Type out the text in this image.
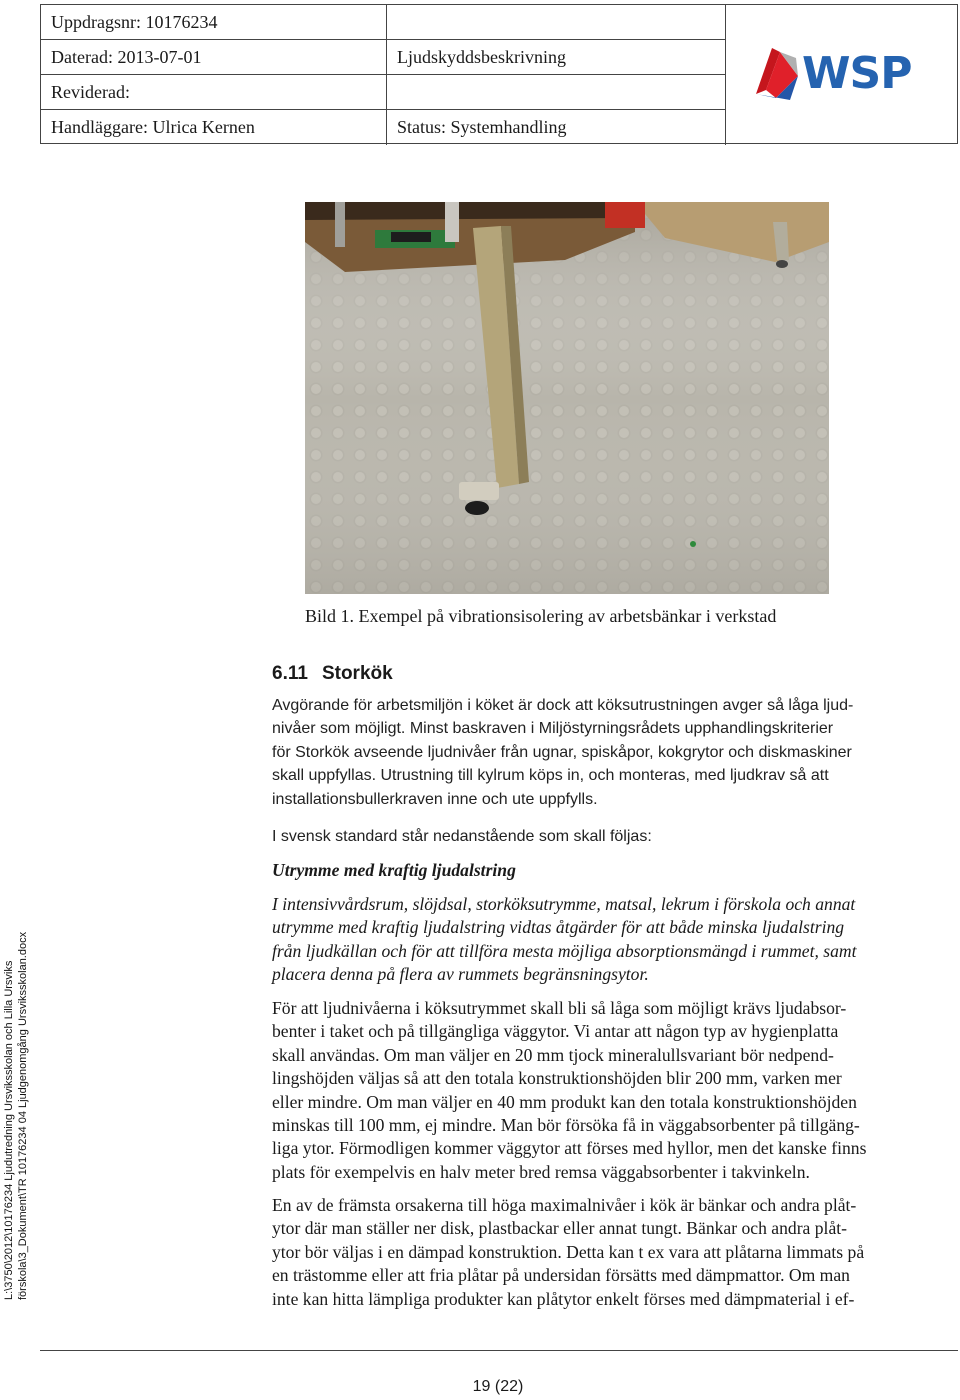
Uppdragsnr: 10176234
WSP
Daterad: 2013-07-01	Ljudskyddsbeskrivning
Reviderad:
Handläggare: Ulrica Kernen	Status: Systemhandling
Bild 1. Exempel på vibrationsisolering av arbetsbänkar i verkstad
6.11 Storkök
Avgörande för arbetsmiljön i köket är dock att köksutrustningen avger så låga ljud-
nivåer som möjligt. Minst baskraven i Miljöstyrningsrådets upphandlingskriterier
för Storkök avseende ljudnivåer från ugnar, spiskåpor, kokgrytor och diskmaskiner
skall uppfyllas. Utrustning till kylrum köps in, och monteras, med ljudkrav så att
installationsbullerkraven inne och ute uppfylls.
I svensk standard står nedanstående som skall följas:
Utrymme med kraftig ljudalstring
I intensivvårdsrum, slöjdsal, storköksutrymme, matsal, lekrum i förskola och annat
utrymme med kraftig ljudalstring vidtas åtgärder för att både minska ljudalstring
från ljudkällan och för att tillföra mesta möjliga absorptionsmängd i rummet, samt
placera denna på flera av rummets begränsningsytor.
För att ljudnivåerna i köksutrymmet skall bli så låga som möjligt krävs ljudabsor-
benter i taket och på tillgängliga väggytor. Vi antar att någon typ av hygienplatta
skall användas. Om man väljer en 20 mm tjock mineralullsvariant bör nedpend-
lingshöjden väljas så att den totala konstruktionshöjden blir 200 mm, varken mer
eller mindre. Om man väljer en 40 mm produkt kan den totala konstruktionshöjden
minskas till 100 mm, ej mindre. Man bör försöka få in väggabsorbenter på tillgäng-
liga ytor. Förmodligen kommer väggytor att förses med hyllor, men det kanske finns
plats för exempelvis en halv meter bred remsa väggabsorbenter i takvinkeln.
En av de främsta orsakerna till höga maximalnivåer i kök är bänkar och andra plåt-
ytor där man ställer ner disk, plastbackar eller annat tungt. Bänkar och andra plåt-
ytor bör väljas i en dämpad konstruktion. Detta kan t ex vara att plåtarna limmats på
en trästomme eller att fria plåtar på undersidan försätts med dämpmattor. Om man
inte kan hitta lämpliga produkter kan plåtytor enkelt förses med dämpmaterial i ef-
L:\3750\2012\10176234 Ljudutredning Ursviksskolan och Lilla Ursviks förskola\3_Dokument\TR 10176234 04 Ljudgenomgång Ursviksskolan.docx
19 (22)
